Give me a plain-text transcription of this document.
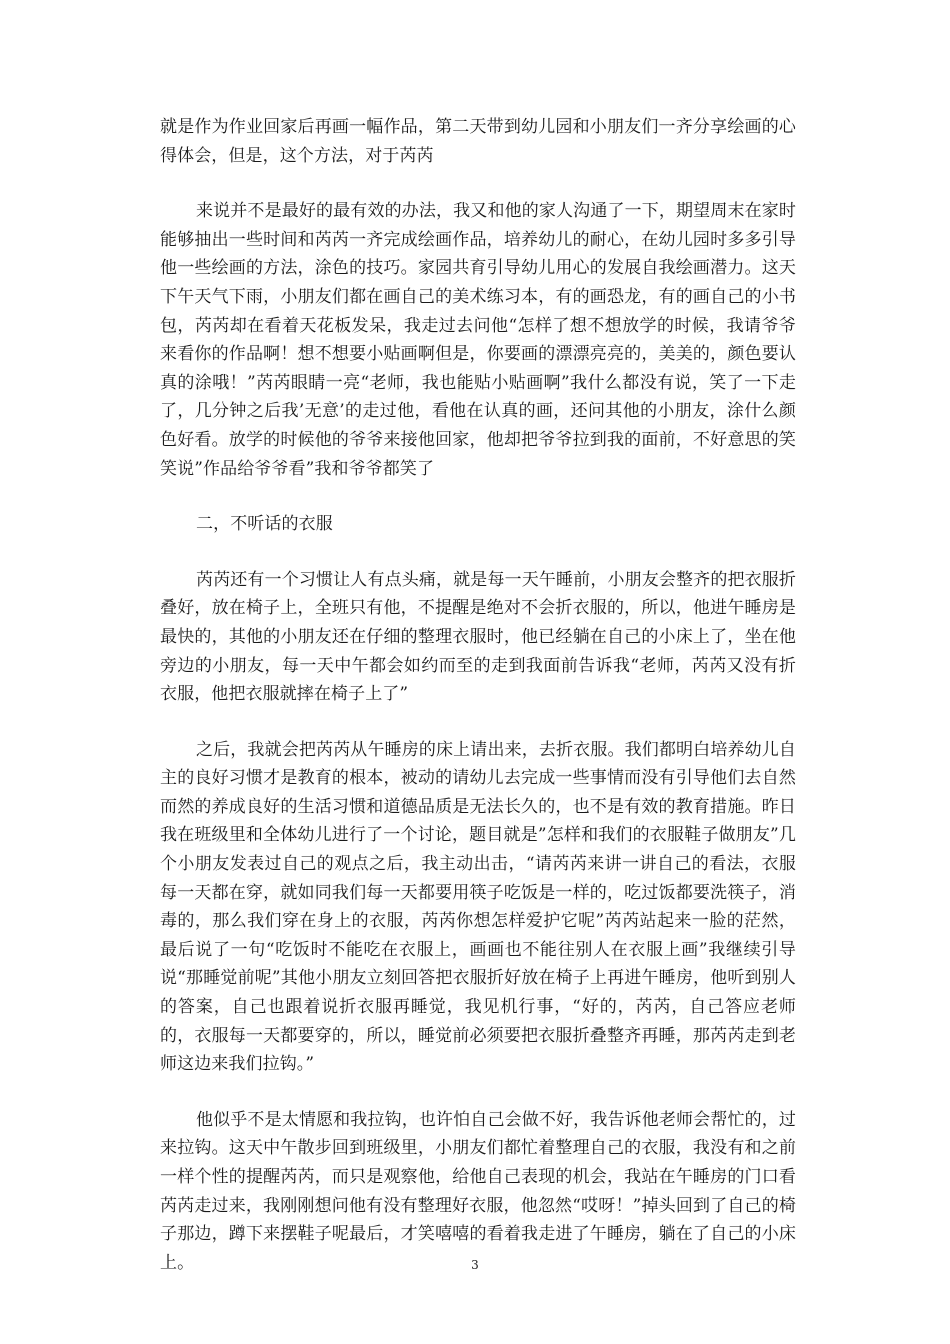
就是作为作业回家后再画一幅作品，第二天带到幼儿园和小朋友们一齐分享绘画的心得体会，但是，这个方法，对于芮芮

来说并不是最好的最有效的办法，我又和他的家人沟通了一下，期望周末在家时能够抽出一些时间和芮芮一齐完成绘画作品，培养幼儿的耐心，在幼儿园时多多引导他一些绘画的方法，涂色的技巧。家园共育引导幼儿用心的发展自我绘画潜力。这天下午天气下雨，小朋友们都在画自己的美术练习本，有的画恐龙，有的画自己的小书包，芮芮却在看着天花板发呆，我走过去问他“怎样了想不想放学的时候，我请爷爷来看你的作品啊！想不想要小贴画啊但是，你要画的漂漂亮亮的，美美的，颜色要认真的涂哦！”芮芮眼睛一亮“老师，我也能贴小贴画啊”我什么都没有说，笑了一下走了，几分钟之后我’无意’的走过他，看他在认真的画，还问其他的小朋友，涂什么颜色好看。放学的时候他的爷爷来接他回家，他却把爷爷拉到我的面前，不好意思的笑笑说”作品给爷爷看”我和爷爷都笑了

二，不听话的衣服

芮芮还有一个习惯让人有点头痛，就是每一天午睡前，小朋友会整齐的把衣服折叠好，放在椅子上，全班只有他，不提醒是绝对不会折衣服的，所以，他进午睡房是最快的，其他的小朋友还在仔细的整理衣服时，他已经躺在自己的小床上了，坐在他旁边的小朋友，每一天中午都会如约而至的走到我面前告诉我“老师，芮芮又没有折衣服，他把衣服就摔在椅子上了”

之后，我就会把芮芮从午睡房的床上请出来，去折衣服。我们都明白培养幼儿自主的良好习惯才是教育的根本，被动的请幼儿去完成一些事情而没有引导他们去自然而然的养成良好的生活习惯和道德品质是无法长久的，也不是有效的教育措施。昨日我在班级里和全体幼儿进行了一个讨论，题目就是”怎样和我们的衣服鞋子做朋友”几个小朋友发表过自己的观点之后，我主动出击，“请芮芮来讲一讲自己的看法，衣服每一天都在穿，就如同我们每一天都要用筷子吃饭是一样的，吃过饭都要洗筷子，消毒的，那么我们穿在身上的衣服，芮芮你想怎样爱护它呢”芮芮站起来一脸的茫然，最后说了一句“吃饭时不能吃在衣服上，画画也不能往别人在衣服上画”我继续引导说“那睡觉前呢”其他小朋友立刻回答把衣服折好放在椅子上再进午睡房，他听到别人的答案，自己也跟着说折衣服再睡觉，我见机行事，“好的，芮芮，自己答应老师的，衣服每一天都要穿的，所以，睡觉前必须要把衣服折叠整齐再睡，那芮芮走到老师这边来我们拉钩。”

他似乎不是太情愿和我拉钩，也许怕自己会做不好，我告诉他老师会帮忙的，过来拉钩。这天中午散步回到班级里，小朋友们都忙着整理自己的衣服，我没有和之前一样个性的提醒芮芮，而只是观察他，给他自己表现的机会，我站在午睡房的门口看芮芮走过来，我刚刚想问他有没有整理好衣服，他忽然“哎呀！”掉头回到了自己的椅子那边，蹲下来摆鞋子呢最后，才笑嘻嘻的看着我走进了午睡房，躺在了自己的小床上。	3
